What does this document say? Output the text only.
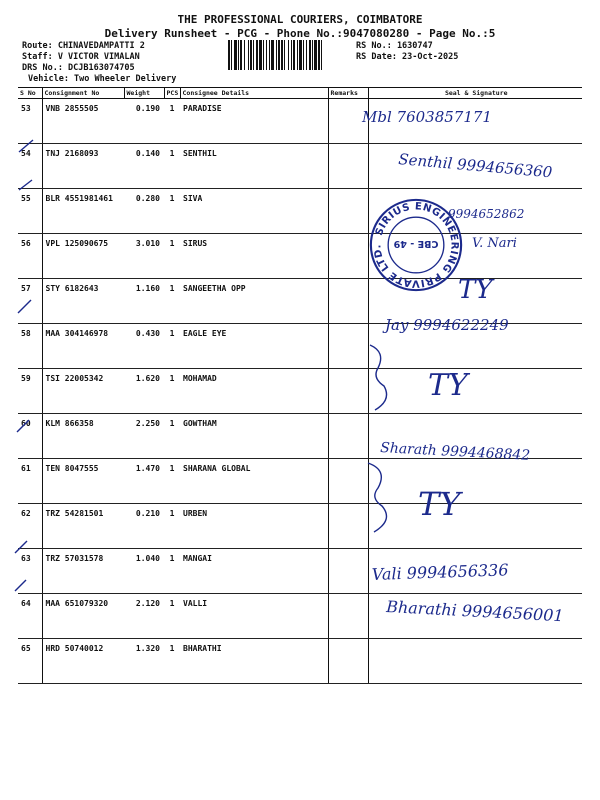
THE PROFESSIONAL COURIERS, COIMBATORE
Delivery Runsheet - PCG - Phone No.:9047080280 - Page No.:5
Route: CHINAVEDAMPATTI 2
Staff: V VICTOR VIMALAN
DRS No.: DCJB163074705
Vehicle: Two Wheeler Delivery
RS No.: 1630747
RS Date: 23-Oct-2025
S No	Consignment No	Weight	PCS	Consignee Details	Remarks	Seal & Signature
53	VNB 2855505	0.190	1	PARADISE		
54	TNJ 2168093	0.140	1	SENTHIL		
55	BLR 4551981461	0.280	1	SIVA		
56	VPL 125090675	3.010	1	SIRUS		
57	STY 6182643	1.160	1	SANGEETHA OPP		
58	MAA 304146978	0.430	1	EAGLE EYE		
59	TSI 22005342	1.620	1	MOHAMAD		
60	KLM 866358	2.250	1	GOWTHAM		
61	TEN 8047555	1.470	1	SHARANA GLOBAL		
62	TRZ 54281501	0.210	1	URBEN		
63	TRZ 57031578	1.040	1	MANGAI		
64	MAA 651079320	2.120	1	VALLI		
65	HRD 50740012	1.320	1	BHARATHI		
SIRIUS ENGINEERING PRIVATE LTD.	CBE - 49
Mbl 7603857171
Senthil 9994656360
9994652862
V. Nari
TY
Jay 9994622249
TY
Sharath 9994468842
TY
Vali 9994656336
Bharathi 9994656001
